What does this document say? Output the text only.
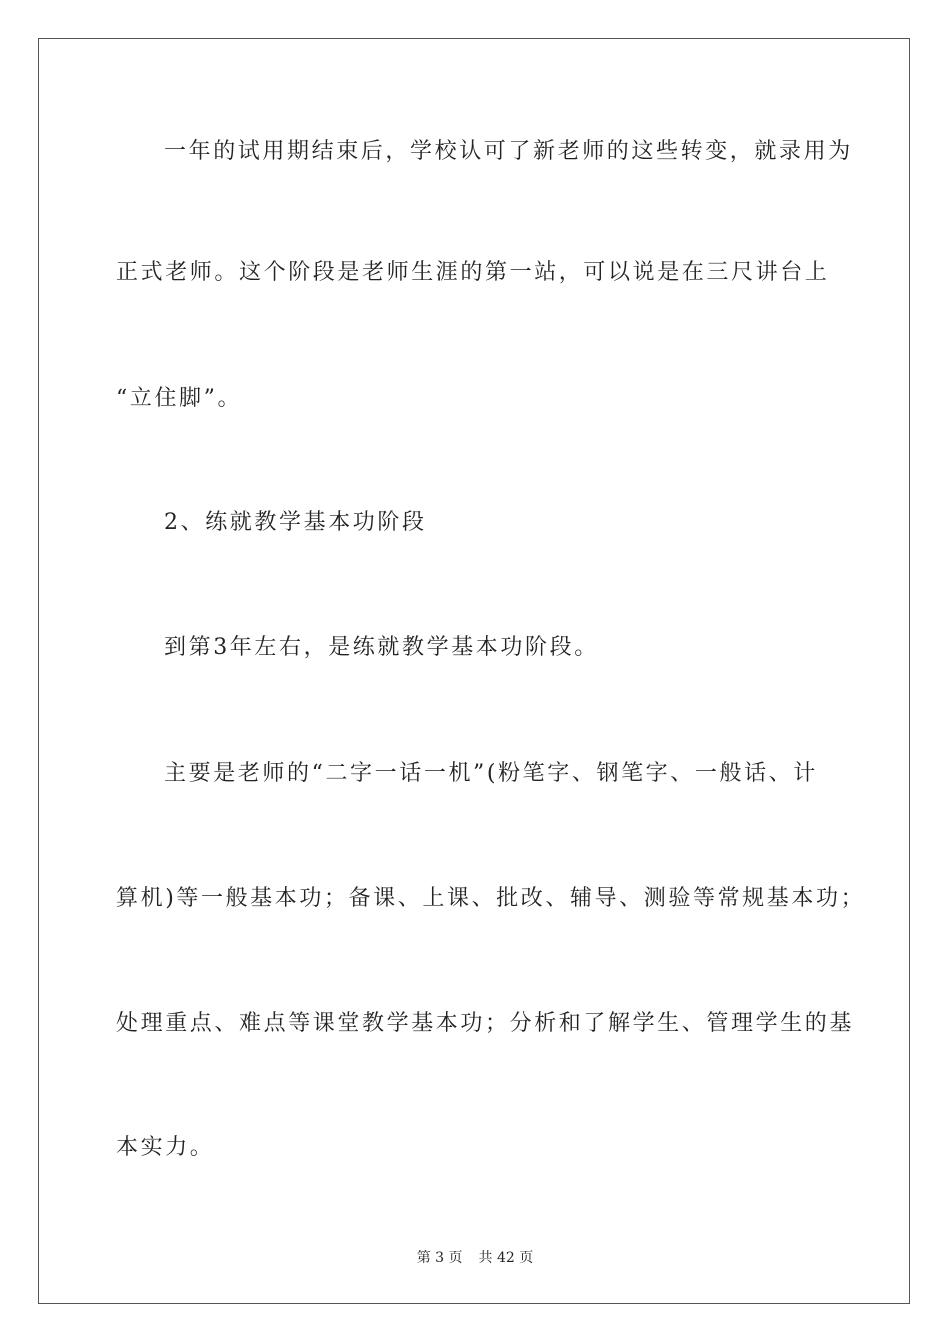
一年的试用期结束后，学校认可了新老师的这些转变，就录用为
正式老师。这个阶段是老师生涯的第一站，可以说是在三尺讲台上
“立住脚”。
2、练就教学基本功阶段
到第3年左右，是练就教学基本功阶段。
主要是老师的“二字一话一机”(粉笔字、钢笔字、一般话、计
算机)等一般基本功；备课、上课、批改、辅导、测验等常规基本功；
处理重点、难点等课堂教学基本功；分析和了解学生、管理学生的基
本实力。
第 3 页 共 42 页
